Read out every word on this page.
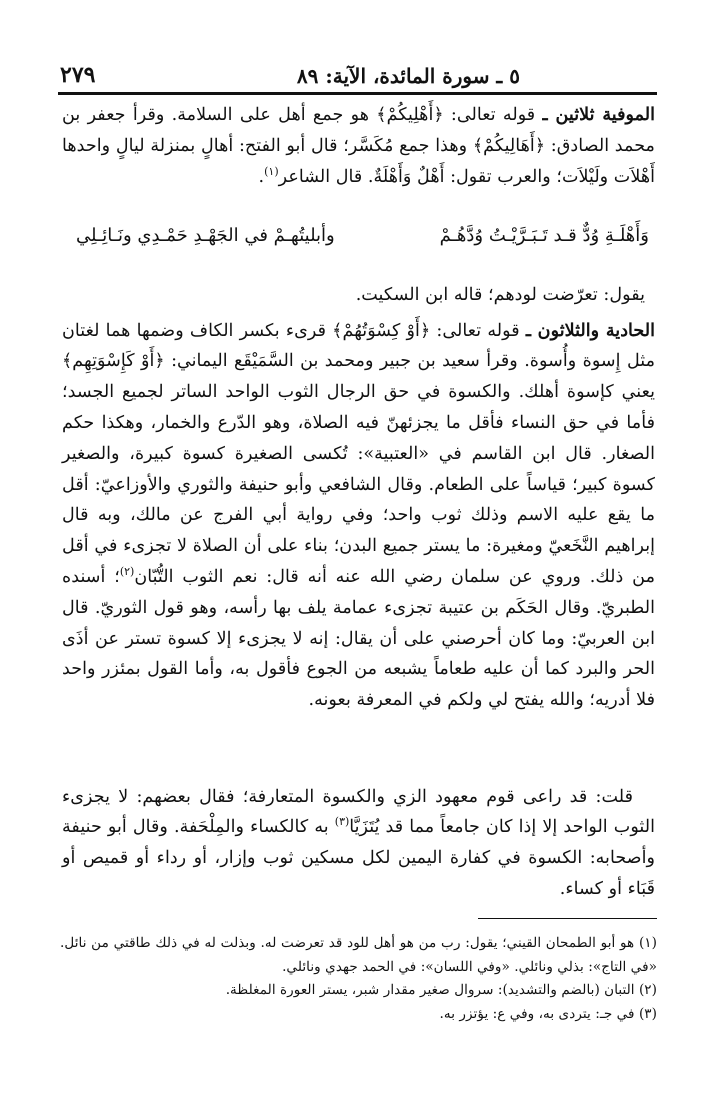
٥ ـ سورة المائدة، الآية: ٨٩
٢٧٩

الموفية ثلاثين ـ قوله تعالى: ﴿أَهْلِيكُمْ﴾ هو جمع أهل على السلامة. وقرأ جعفر بن محمد الصادق: ﴿أَهَالِيكُمْ﴾ وهذا جمع مُكَسَّر؛ قال أبو الفتح: أهالٍ بمنزلة ليالٍ واحدها أَهْلاَت ولَيْلاَت؛ والعرب تقول: أَهْلٌ وَأَهْلَةٌ. قال الشاعر$^{(١)}$.

وَأَهْلَـةِ وُدٌّ قـد تَـبَـرَّيْـتُ وُدَّهُـمْ
وأبليتُهـمْ في الجَهْـدِ حَمْـدِي ونَـائِـلِي

يقول: تعرّضت لودهم؛ قاله ابن السكيت.

الحادية والثلاثون ـ قوله تعالى: ﴿أَوْ كِسْوَتُهُمْ﴾ قرىء بكسر الكاف وضمها هما لغتان مثل إِسوة وأُسوة. وقرأ سعيد بن جبير ومحمد بن السَّمَيْقَع اليماني: ﴿أَوْ كَإِسْوَتِهِم﴾ يعني كإسوة أهلك. والكسوة في حق الرجال الثوب الواحد الساتر لجميع الجسد؛ فأما في حق النساء فأقل ما يجزئهنّ فيه الصلاة، وهو الدّرع والخمار، وهكذا حكم الصغار. قال ابن القاسم في «العتبية»: تُكسى الصغيرة كسوة كبيرة، والصغير كسوة كبير؛ قياساً على الطعام. وقال الشافعي وأبو حنيفة والثوري والأوزاعيّ: أقل ما يقع عليه الاسم وذلك ثوب واحد؛ وفي رواية أبي الفرج عن مالك، وبه قال إبراهيم النَّخَعيّ ومغيرة: ما يستر جميع البدن؛ بناء على أن الصلاة لا تجزىء في أقل من ذلك. وروي عن سلمان رضي الله عنه أنه قال: نعم الثوب التُّبّان$^{(٢)}$؛ أسنده الطبريّ. وقال الحَكَم بن عتيبة تجزىء عمامة يلف بها رأسه، وهو قول الثوريّ. قال ابن العربيّ: وما كان أحرصني على أن يقال: إنه لا يجزىء إلا كسوة تستر عن أذَى الحر والبرد كما أن عليه طعاماً يشبعه من الجوع فأقول به، وأما القول بمئزر واحد فلا أدريه؛ والله يفتح لي ولكم في المعرفة بعونه.

قلت: قد راعى قوم معهود الزي والكسوة المتعارفة؛ فقال بعضهم: لا يجزىء الثوب الواحد إلا إذا كان جامعاً مما قد يُتَزَيَّا$^{(٣)}$ به كالكساء والمِلْحَفة. وقال أبو حنيفة وأصحابه: الكسوة في كفارة اليمين لكل مسكين ثوب وإزار، أو رداء أو قميص أو قَبَاء أو كساء.

(١) هو أبو الطمحان القيني؛ يقول: رب من هو أهل للود قد تعرضت له. وبذلت له في ذلك طاقتي من نائل. «في التاج»: بذلي ونائلي. «وفي اللسان»: في الحمد جهدي ونائلي.

(٢) التبان (بالضم والتشديد): سروال صغير مقدار شبر، يستر العورة المغلظة.

(٣) في جـ: يتردى به، وفي ع: يؤتزر به.
